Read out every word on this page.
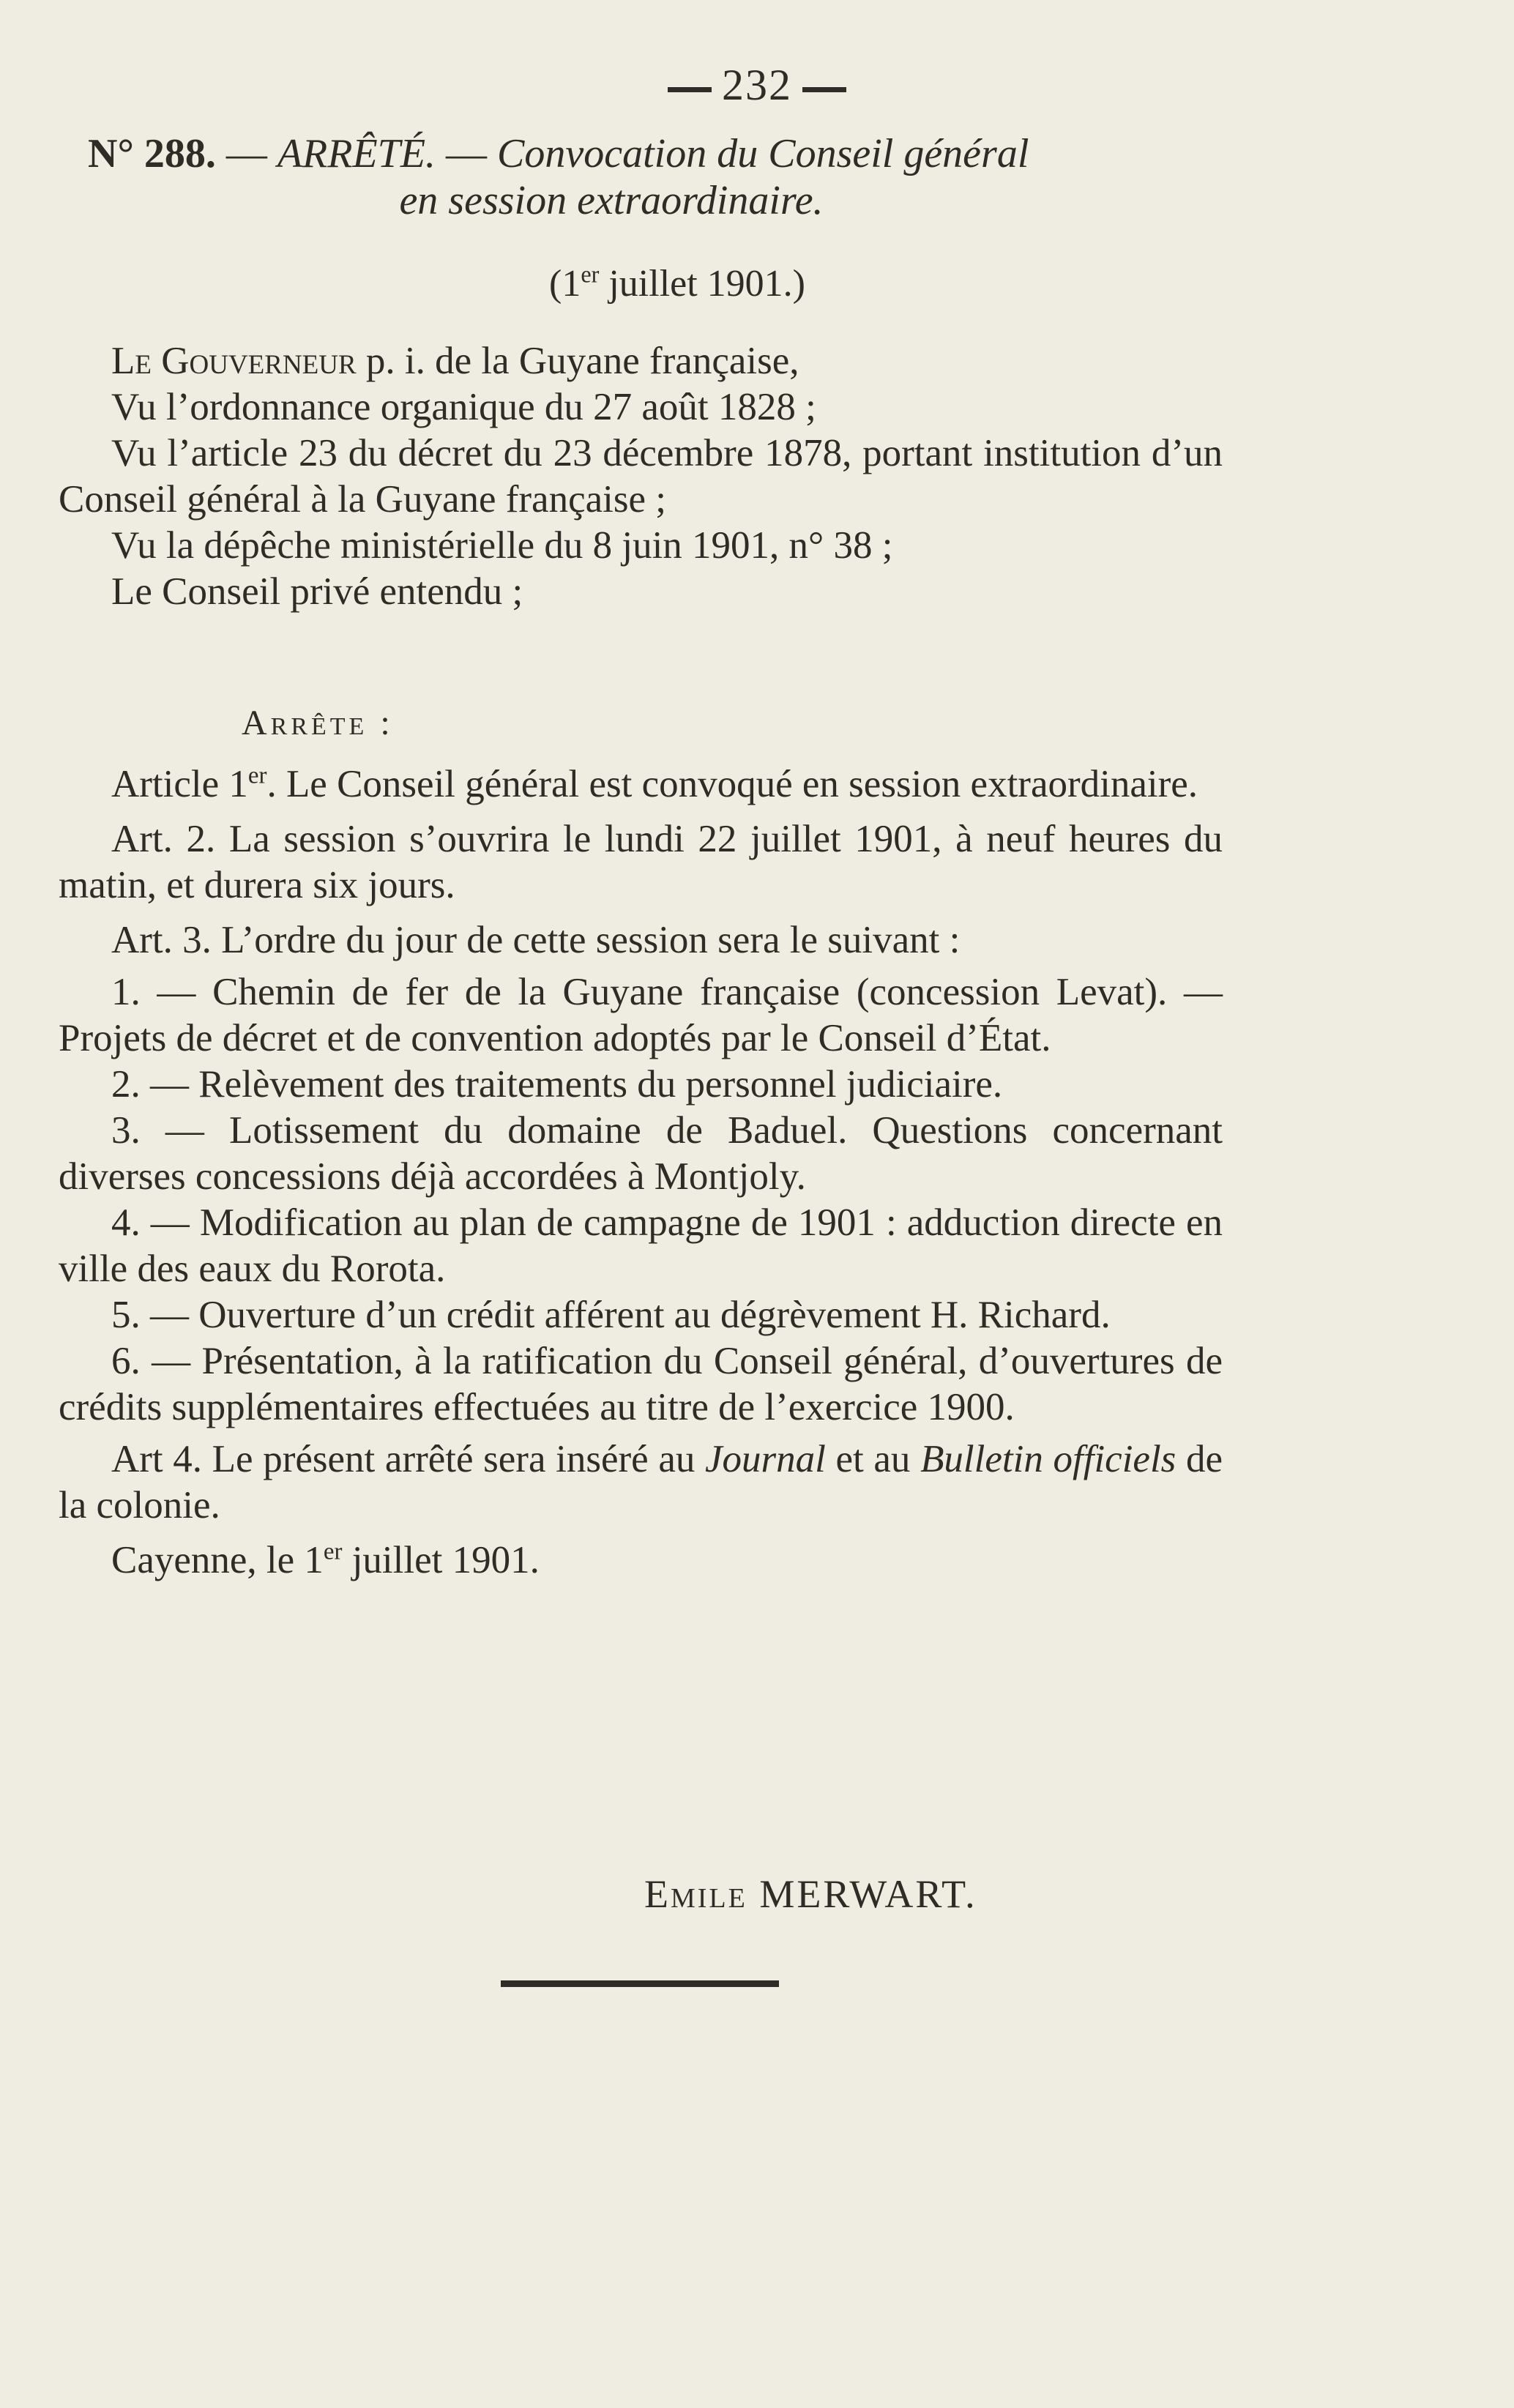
232
N° 288. — ARRÊTÉ. — Convocation du Conseil général
en session extraordinaire.
(1er juillet 1901.)

Le Gouverneur p. i. de la Guyane française,

Vu l’ordonnance organique du 27 août 1828 ;

Vu l’article 23 du décret du 23 décembre 1878, portant institution d’un Conseil général à la Guyane française ;

Vu la dépêche ministérielle du 8 juin 1901, n° 38 ;

Le Conseil privé entendu ;

Arrête :

Article 1er. Le Conseil général est convoqué en session extraordinaire.

Art. 2. La session s’ouvrira le lundi 22 juillet 1901, à neuf heures du matin, et durera six jours.

Art. 3. L’ordre du jour de cette session sera le suivant :

1. — Chemin de fer de la Guyane française (concession Levat). — Projets de décret et de convention adoptés par le Conseil d’État.

2. — Relèvement des traitements du personnel judiciaire.

3. — Lotissement du domaine de Baduel. Questions concernant diverses concessions déjà accordées à Montjoly.

4. — Modification au plan de campagne de 1901 : adduction directe en ville des eaux du Rorota.

5. — Ouverture d’un crédit afférent au dégrèvement H. Richard.

6. — Présentation, à la ratification du Conseil général, d’ouvertures de crédits supplémentaires effectuées au titre de l’exercice 1900.

Art 4. Le présent arrêté sera inséré au Journal et au Bulletin officiels de la colonie.

Cayenne, le 1er juillet 1901.

Emile MERWART.
